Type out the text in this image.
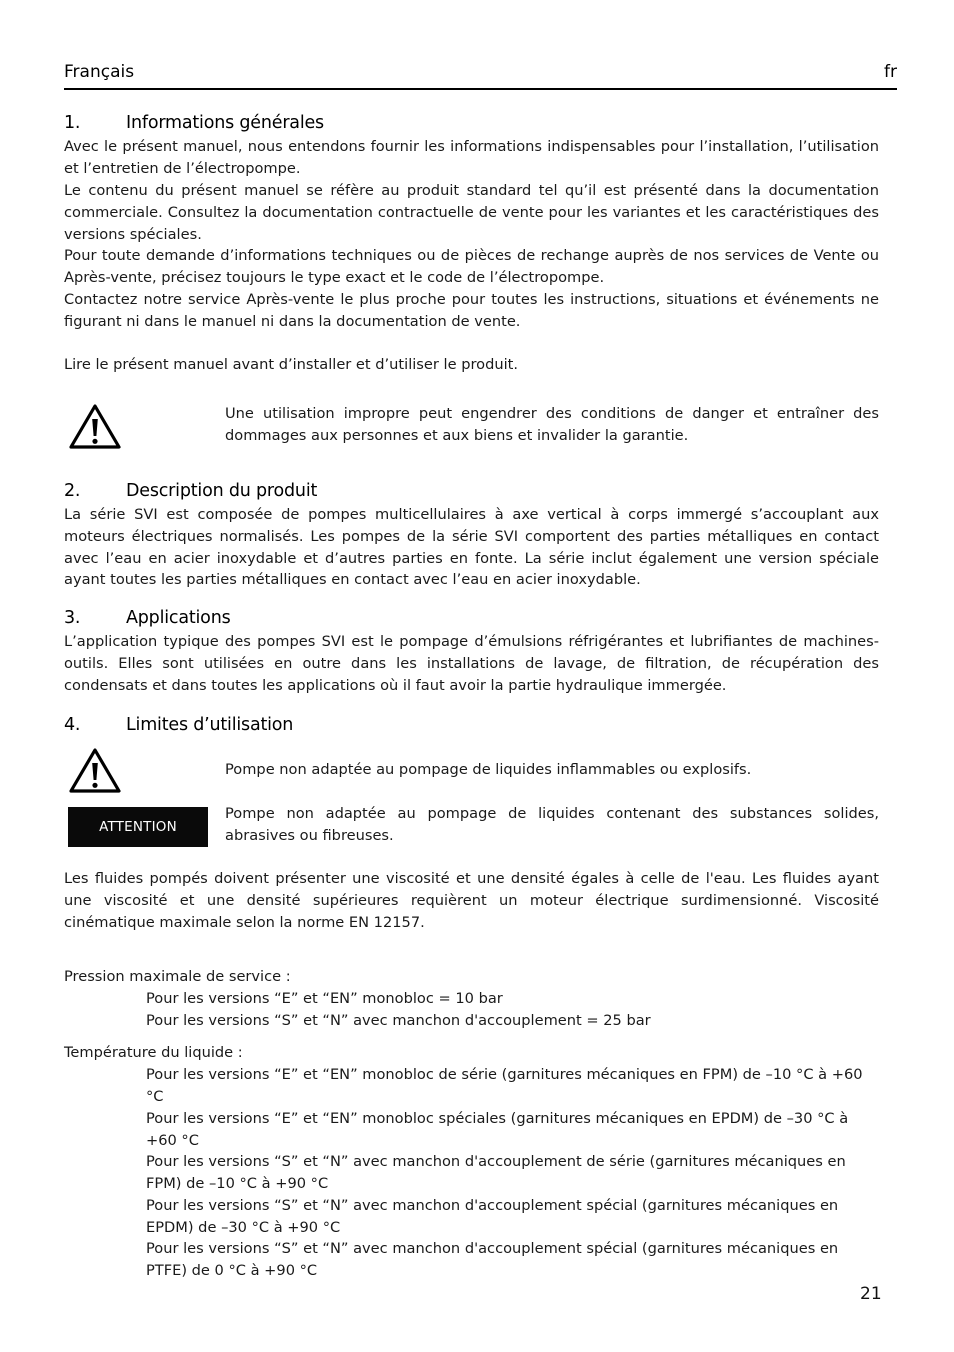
Français	fr
1.	Informations générales

Avec le présent manuel, nous entendons fournir les informations indispensables pour l’installation, l’utilisation et l’entretien de l’électropompe.

Le contenu du présent manuel se réfère au produit standard tel qu’il est présenté dans la documentation commerciale. Consultez la documentation contractuelle de vente pour les variantes et les caractéristiques des versions spéciales.

Pour toute demande d’informations techniques ou de pièces de rechange auprès de nos services de Vente ou Après-vente, précisez toujours le type exact et le code de l’électropompe.

Contactez notre service Après-vente le plus proche pour toutes les instructions, situations et événements ne figurant ni dans le manuel ni dans la documentation de vente.

Lire le présent manuel avant d’installer et d’utiliser le produit.

Une utilisation impropre peut engendrer des conditions de danger et entraîner des dommages aux personnes et aux biens et invalider la garantie.

2.	Description du produit

La série SVI est composée de pompes multicellulaires à axe vertical à corps immergé s’accouplant aux moteurs électriques normalisés. Les pompes de la série SVI comportent des parties métalliques en contact avec l’eau en acier inoxydable et d’autres parties en fonte. La série inclut également une version spéciale ayant toutes les parties métalliques en contact avec l’eau en acier inoxydable.

3.	Applications

L’application typique des pompes SVI est le pompage d’émulsions réfrigérantes et lubrifiantes de machines-outils. Elles sont utilisées en outre dans les installations de lavage, de filtration, de récupération des condensats et dans toutes les applications où il faut avoir la partie hydraulique immergée.

4.	Limites d’utilisation

Pompe non adaptée au pompage de liquides inflammables ou explosifs.

ATTENTION

Pompe non adaptée au pompage de liquides contenant des substances solides, abrasives ou fibreuses.

Les fluides pompés doivent présenter une viscosité et une densité égales à celle de l'eau. Les fluides ayant une viscosité et une densité supérieures requièrent un moteur électrique surdimensionné. Viscosité cinématique maximale selon la norme EN 12157.

Pression maximale de service :

Pour les versions “E” et “EN” monobloc = 10 bar

Pour les versions “S” et “N” avec manchon d'accouplement = 25 bar

Température du liquide :

Pour les versions “E” et “EN” monobloc de série (garnitures mécaniques en FPM) de –10 °C à +60 °C

Pour les versions “E” et “EN” monobloc spéciales (garnitures mécaniques en EPDM) de –30 °C à +60 °C

Pour les versions “S” et “N” avec manchon d'accouplement de série (garnitures mécaniques en FPM) de –10 °C à +90 °C

Pour les versions “S” et “N” avec manchon d'accouplement spécial (garnitures mécaniques en EPDM) de –30 °C à +90 °C

Pour les versions “S” et “N” avec manchon d'accouplement spécial (garnitures mécaniques en PTFE) de 0 °C à +90 °C

21
